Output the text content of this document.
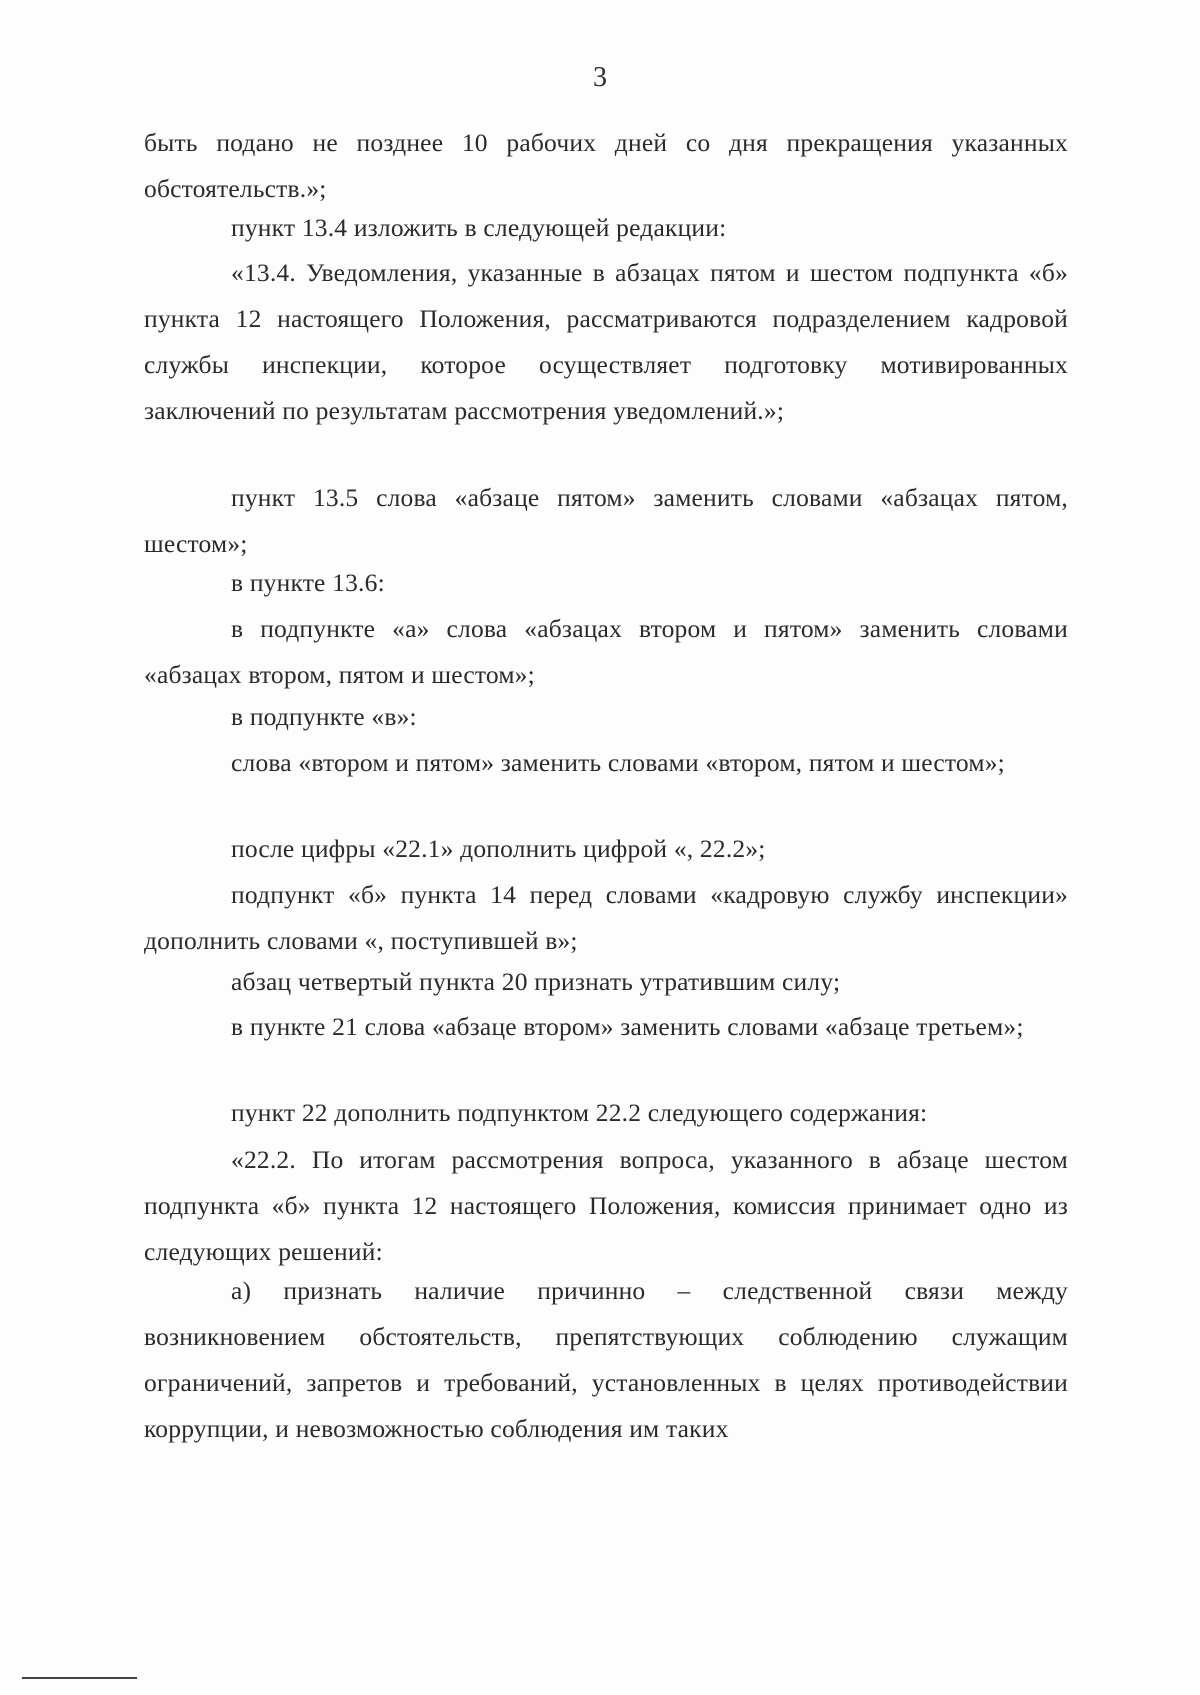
3

быть подано не позднее 10 рабочих дней со дня прекращения указанных обстоятельств.»;

пункт 13.4 изложить в следующей редакции:

«13.4. Уведомления, указанные в абзацах пятом и шестом подпункта «б» пункта 12 настоящего Положения, рассматриваются подразделением кадровой службы инспекции, которое осуществляет подготовку мотивированных заключений по результатам рассмотрения уведомлений.»;

пункт 13.5 слова «абзаце пятом» заменить словами «абзацах пятом, шестом»;

в пункте 13.6:

в подпункте «а» слова «абзацах втором и пятом» заменить словами «абзацах втором, пятом и шестом»;

в подпункте «в»:

слова «втором и пятом» заменить словами «втором, пятом и шестом»;

после цифры «22.1» дополнить цифрой «, 22.2»;

подпункт «б» пункта 14 перед словами «кадровую службу инспекции» дополнить словами «, поступившей в»;

абзац четвертый пункта 20 признать утратившим силу;

в пункте 21 слова «абзаце втором» заменить словами «абзаце третьем»;

пункт 22 дополнить подпунктом 22.2 следующего содержания:

«22.2. По итогам рассмотрения вопроса, указанного в абзаце шестом подпункта «б» пункта 12 настоящего Положения, комиссия принимает одно из следующих решений:

а) признать наличие причинно – следственной связи между возникновением обстоятельств, препятствующих соблюдению служащим ограничений, запретов и требований, установленных в целях противодействии коррупции, и невозможностью соблюдения им таких
